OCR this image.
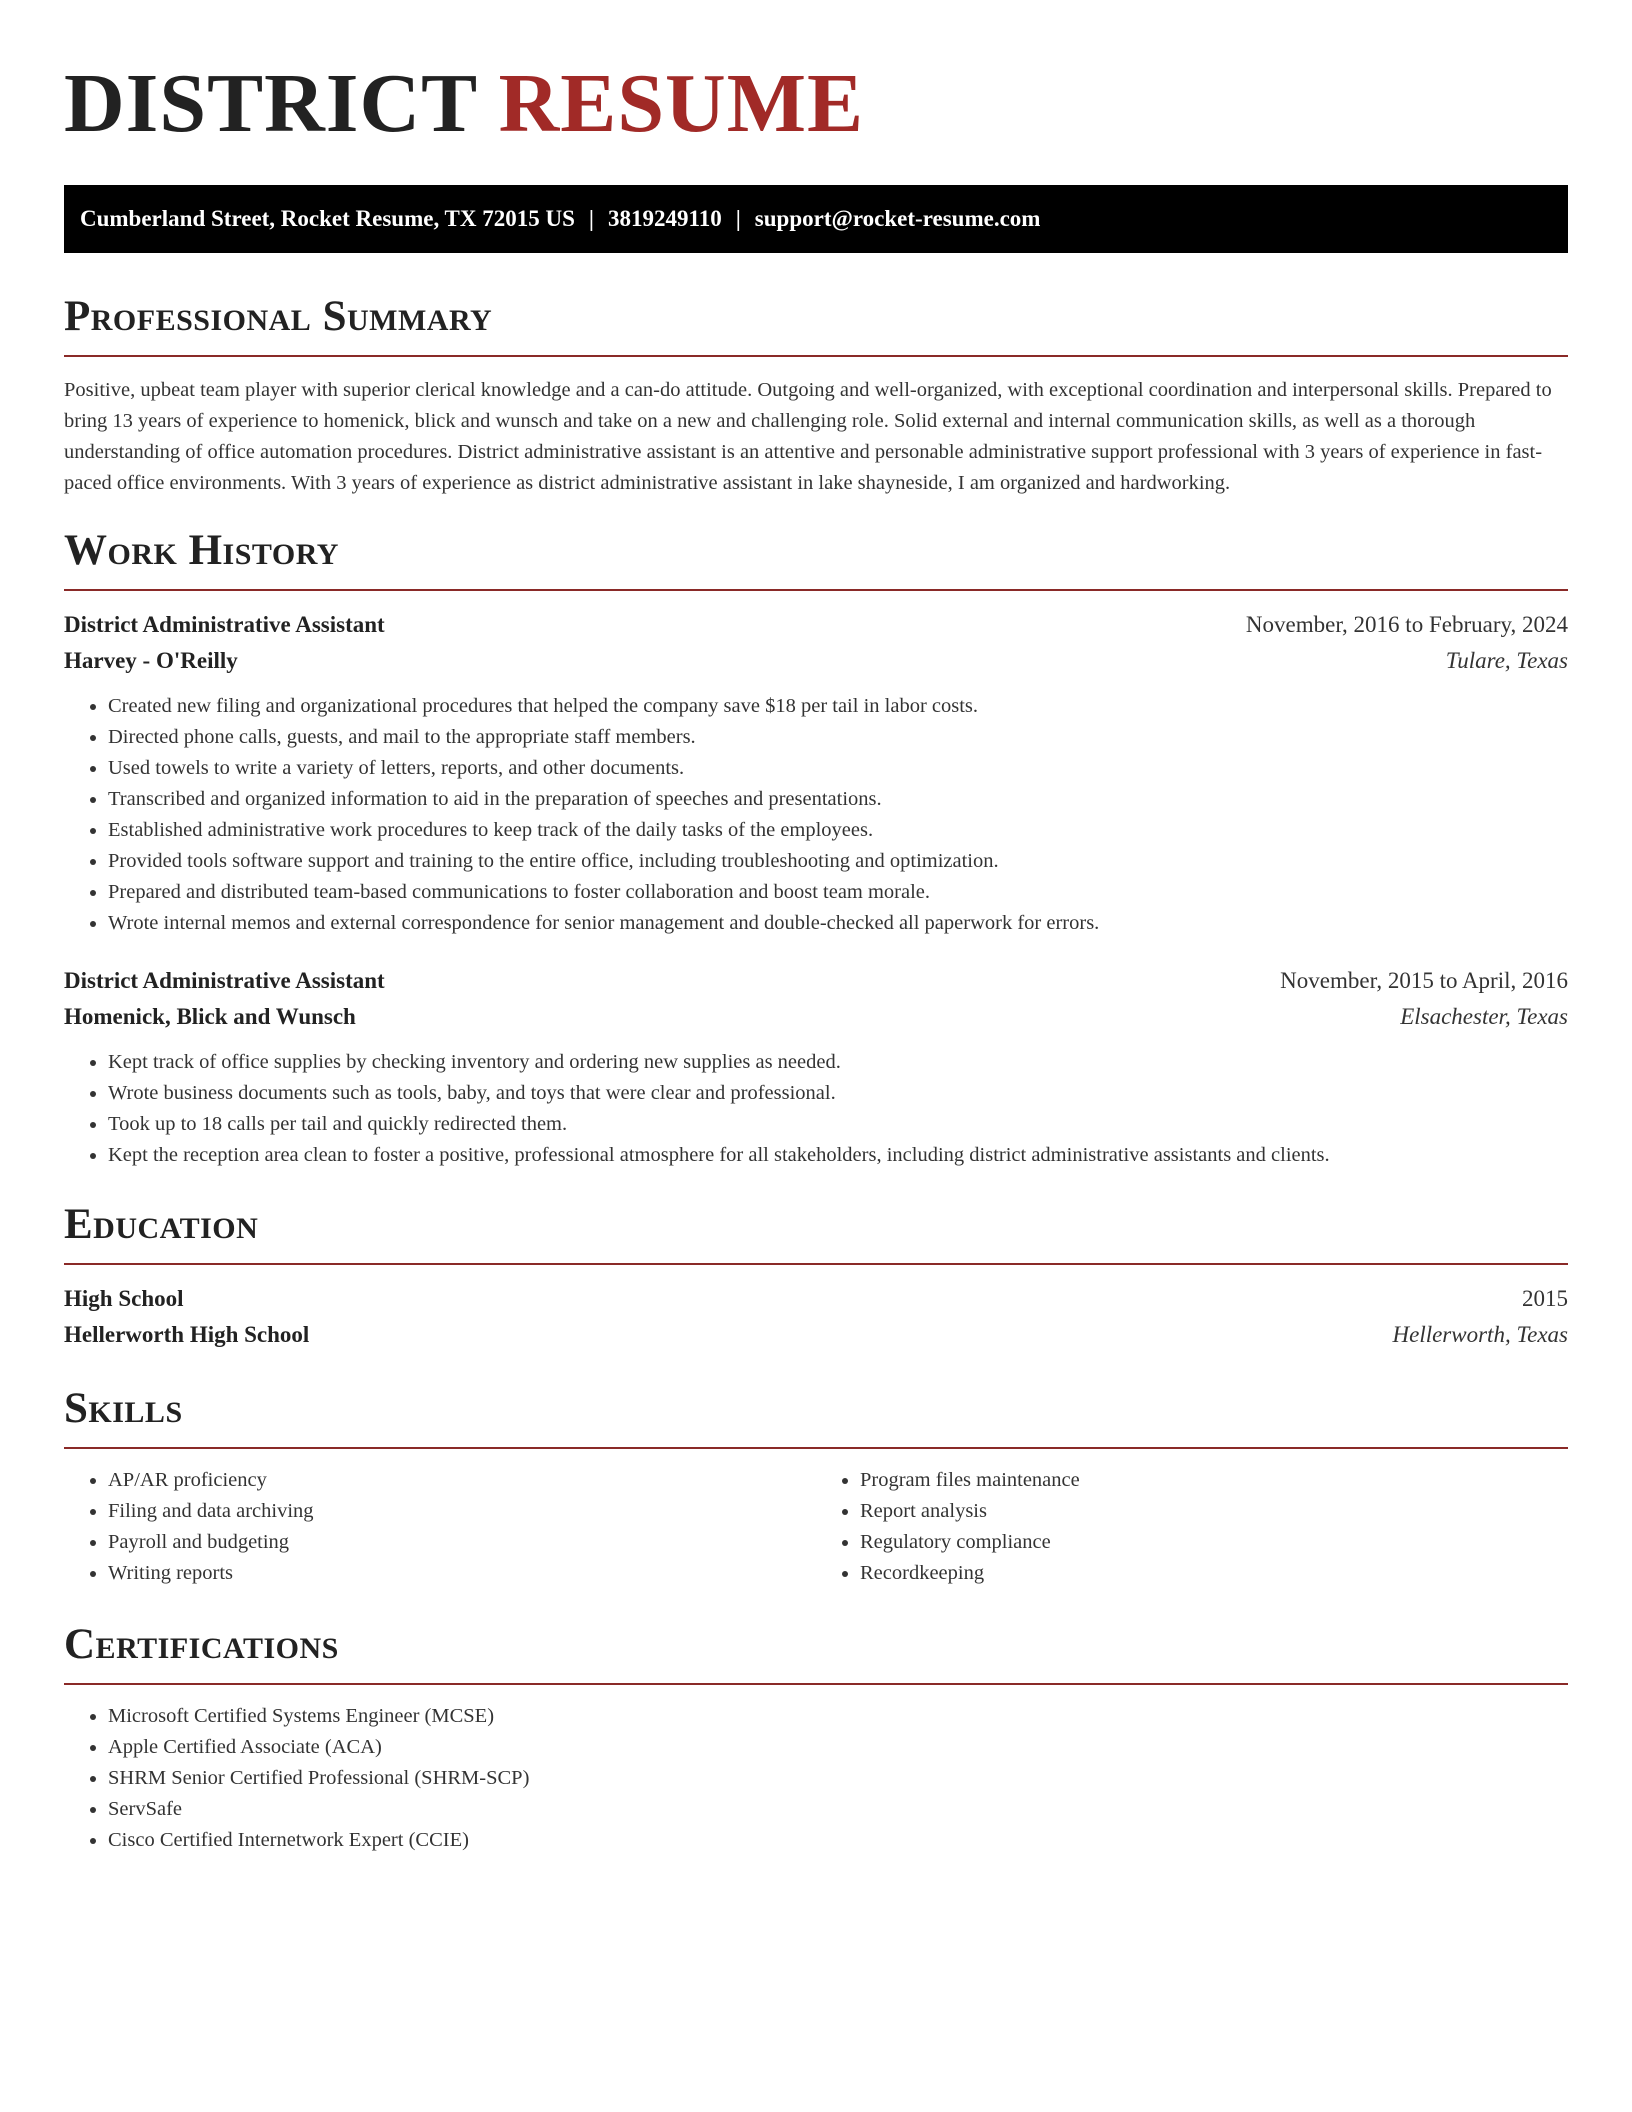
DISTRICT RESUME
Cumberland Street, Rocket Resume, TX 72015 US | 3819249110 | support@rocket-resume.com
Professional Summary

Positive, upbeat team player with superior clerical knowledge and a can-do attitude. Outgoing and well-organized, with exceptional coordination and interpersonal skills. Prepared to bring 13 years of experience to homenick, blick and wunsch and take on a new and challenging role. Solid external and internal communication skills, as well as a thorough understanding of office automation procedures. District administrative assistant is an attentive and personable administrative support professional with 3 years of experience in fast-paced office environments. With 3 years of experience as district administrative assistant in lake shayneside, I am organized and hardworking.

Work History
District Administrative Assistant	November, 2016 to February, 2024
Harvey - O'Reilly	Tulare, Texas
• Created new filing and organizational procedures that helped the company save $18 per tail in labor costs.
• Directed phone calls, guests, and mail to the appropriate staff members.
• Used towels to write a variety of letters, reports, and other documents.
• Transcribed and organized information to aid in the preparation of speeches and presentations.
• Established administrative work procedures to keep track of the daily tasks of the employees.
• Provided tools software support and training to the entire office, including troubleshooting and optimization.
• Prepared and distributed team-based communications to foster collaboration and boost team morale.
• Wrote internal memos and external correspondence for senior management and double-checked all paperwork for errors.
District Administrative Assistant	November, 2015 to April, 2016
Homenick, Blick and Wunsch	Elsachester, Texas
• Kept track of office supplies by checking inventory and ordering new supplies as needed.
• Wrote business documents such as tools, baby, and toys that were clear and professional.
• Took up to 18 calls per tail and quickly redirected them.
• Kept the reception area clean to foster a positive, professional atmosphere for all stakeholders, including district administrative assistants and clients.
Education
High School	2015
Hellerworth High School	Hellerworth, Texas
Skills
• AP/AR proficiency
• Filing and data archiving
• Payroll and budgeting
• Writing reports
• Program files maintenance
• Report analysis
• Regulatory compliance
• Recordkeeping
Certifications
• Microsoft Certified Systems Engineer (MCSE)
• Apple Certified Associate (ACA)
• SHRM Senior Certified Professional (SHRM-SCP)
• ServSafe
• Cisco Certified Internetwork Expert (CCIE)
